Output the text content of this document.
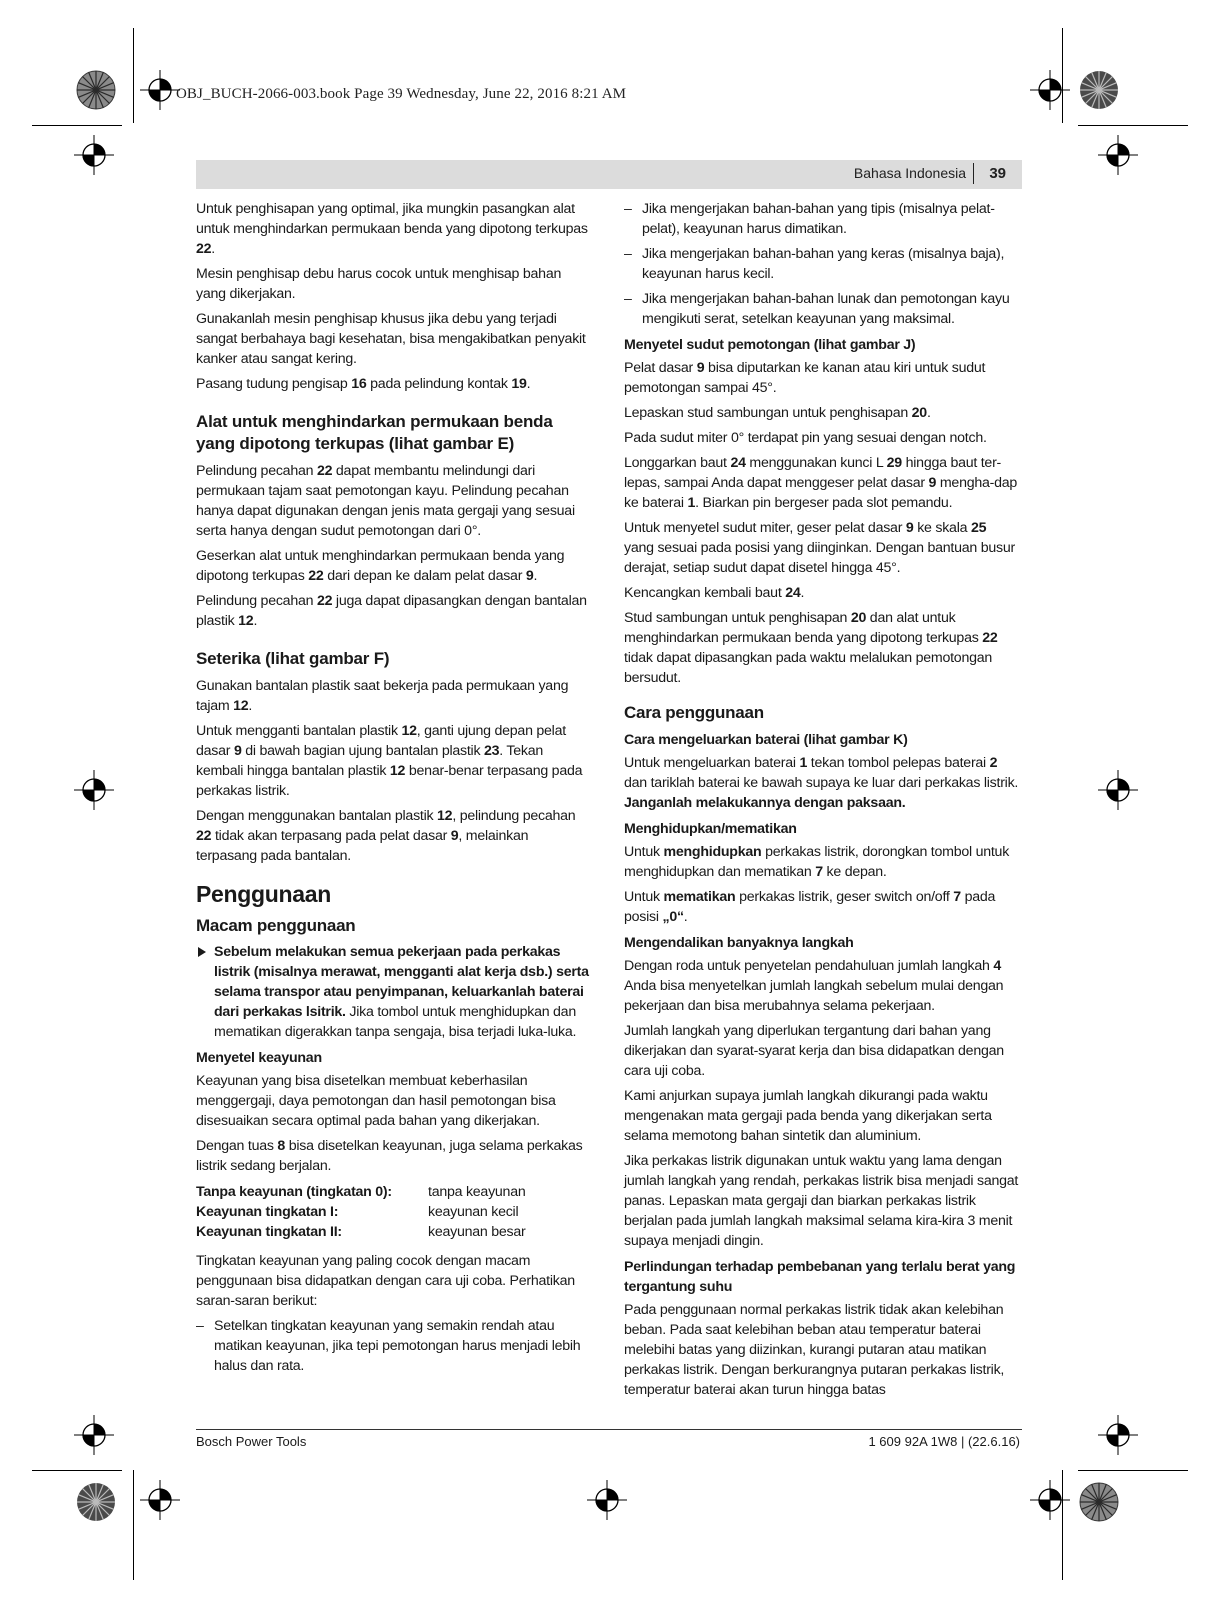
OBJ_BUCH-2066-003.book Page 39 Wednesday, June 22, 2016 8:21 AM
Bahasa Indonesia 39

Untuk penghisapan yang optimal, jika mungkin pasangkan alat untuk menghindarkan permukaan benda yang dipotong terkupas 22.

Mesin penghisap debu harus cocok untuk menghisap bahan yang dikerjakan.

Gunakanlah mesin penghisap khusus jika debu yang terjadi sangat berbahaya bagi kesehatan, bisa mengakibatkan penyakit kanker atau sangat kering.

Pasang tudung pengisap 16 pada pelindung kontak 19.

Alat untuk menghindarkan permukaan benda yang dipotong terkupas (lihat gambar E)

Pelindung pecahan 22 dapat membantu melindungi dari permukaan tajam saat pemotongan kayu. Pelindung pecahan hanya dapat digunakan dengan jenis mata gergaji yang sesuai serta hanya dengan sudut pemotongan dari 0°.

Geserkan alat untuk menghindarkan permukaan benda yang dipotong terkupas 22 dari depan ke dalam pelat dasar 9.

Pelindung pecahan 22 juga dapat dipasangkan dengan bantalan plastik 12.

Seterika (lihat gambar F)

Gunakan bantalan plastik saat bekerja pada permukaan yang tajam 12.

Untuk mengganti bantalan plastik 12, ganti ujung depan pelat dasar 9 di bawah bagian ujung bantalan plastik 23. Tekan kembali hingga bantalan plastik 12 benar-benar terpasang pada perkakas listrik.

Dengan menggunakan bantalan plastik 12, pelindung pecahan 22 tidak akan terpasang pada pelat dasar 9, melainkan terpasang pada bantalan.

Penggunaan
Macam penggunaan

Sebelum melakukan semua pekerjaan pada perkakas listrik (misalnya merawat, mengganti alat kerja dsb.) serta selama transpor atau penyimpanan, keluarkanlah baterai dari perkakas lsitrik. Jika tombol untuk menghidupkan dan mematikan digerakkan tanpa sengaja, bisa terjadi luka-luka.

Menyetel keayunan

Keayunan yang bisa disetelkan membuat keberhasilan menggergaji, daya pemotongan dan hasil pemotongan bisa disesuaikan secara optimal pada bahan yang dikerjakan.

Dengan tuas 8 bisa disetelkan keayunan, juga selama perkakas listrik sedang berjalan.

Tanpa keayunan (tingkatan 0):	tanpa keayunan
Keayunan tingkatan I:	keayunan kecil
Keayunan tingkatan II:	keayunan besar

Tingkatan keayunan yang paling cocok dengan macam penggunaan bisa didapatkan dengan cara uji coba. Perhatikan saran-saran berikut:

– Setelkan tingkatan keayunan yang semakin rendah atau matikan keayunan, jika tepi pemotongan harus menjadi lebih halus dan rata.

– Jika mengerjakan bahan-bahan yang tipis (misalnya pelat-pelat), keayunan harus dimatikan.

– Jika mengerjakan bahan-bahan yang keras (misalnya baja), keayunan harus kecil.

– Jika mengerjakan bahan-bahan lunak dan pemotongan kayu mengikuti serat, setelkan keayunan yang maksimal.

Menyetel sudut pemotongan (lihat gambar J)

Pelat dasar 9 bisa diputarkan ke kanan atau kiri untuk sudut pemotongan sampai 45°.

Lepaskan stud sambungan untuk penghisapan 20.

Pada sudut miter 0° terdapat pin yang sesuai dengan notch.

Longgarkan baut 24 menggunakan kunci L 29 hingga baut ter-lepas, sampai Anda dapat menggeser pelat dasar 9 mengha-dap ke baterai 1. Biarkan pin bergeser pada slot pemandu.

Untuk menyetel sudut miter, geser pelat dasar 9 ke skala 25 yang sesuai pada posisi yang diinginkan. Dengan bantuan busur derajat, setiap sudut dapat disetel hingga 45°.

Kencangkan kembali baut 24.

Stud sambungan untuk penghisapan 20 dan alat untuk menghindarkan permukaan benda yang dipotong terkupas 22 tidak dapat dipasangkan pada waktu melalukan pemotongan bersudut.

Cara penggunaan
Cara mengeluarkan baterai (lihat gambar K)

Untuk mengeluarkan baterai 1 tekan tombol pelepas baterai 2 dan tariklah baterai ke bawah supaya ke luar dari perkakas listrik. Janganlah melakukannya dengan paksaan.

Menghidupkan/mematikan

Untuk menghidupkan perkakas listrik, dorongkan tombol untuk menghidupkan dan mematikan 7 ke depan.

Untuk mematikan perkakas listrik, geser switch on/off 7 pada posisi „0“.

Mengendalikan banyaknya langkah

Dengan roda untuk penyetelan pendahuluan jumlah langkah 4 Anda bisa menyetelkan jumlah langkah sebelum mulai dengan pekerjaan dan bisa merubahnya selama pekerjaan.

Jumlah langkah yang diperlukan tergantung dari bahan yang dikerjakan dan syarat-syarat kerja dan bisa didapatkan dengan cara uji coba.

Kami anjurkan supaya jumlah langkah dikurangi pada waktu mengenakan mata gergaji pada benda yang dikerjakan serta selama memotong bahan sintetik dan aluminium.

Jika perkakas listrik digunakan untuk waktu yang lama dengan jumlah langkah yang rendah, perkakas listrik bisa menjadi sangat panas. Lepaskan mata gergaji dan biarkan perkakas listrik berjalan pada jumlah langkah maksimal selama kira-kira 3 menit supaya menjadi dingin.

Perlindungan terhadap pembebanan yang terlalu berat yang tergantung suhu

Pada penggunaan normal perkakas listrik tidak akan kelebihan beban. Pada saat kelebihan beban atau temperatur baterai melebihi batas yang diizinkan, kurangi putaran atau matikan perkakas listrik. Dengan berkurangnya putaran perkakas listrik, temperatur baterai akan turun hingga batas

Bosch Power Tools	1 609 92A 1W8 | (22.6.16)
